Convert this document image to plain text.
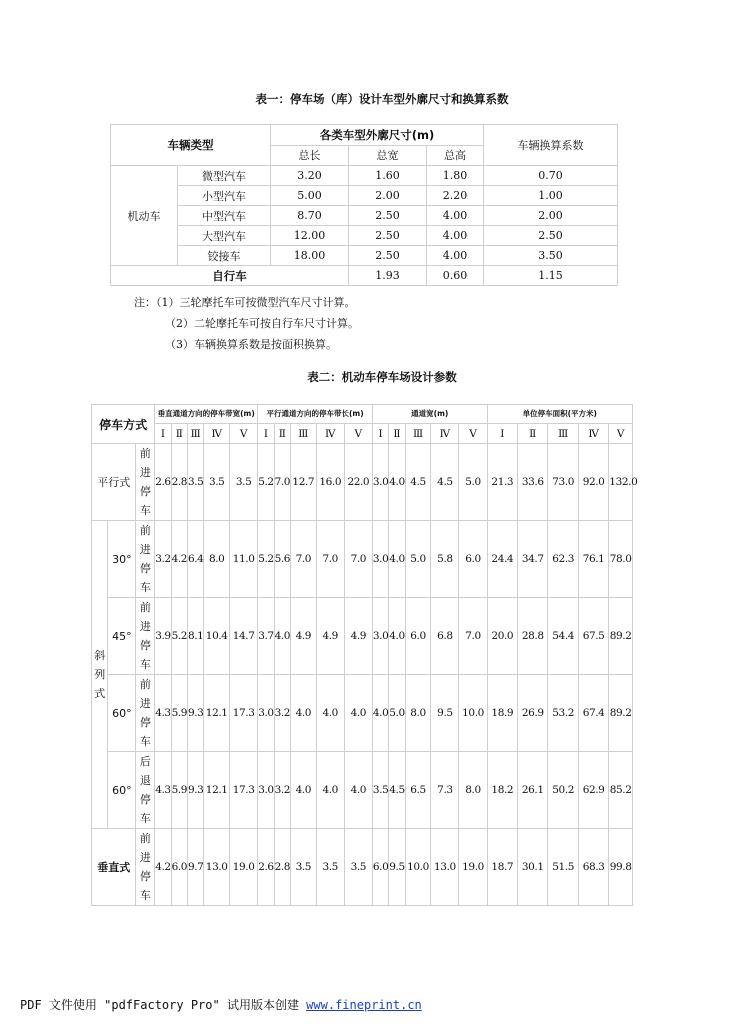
表一：停车场（库）设计车型外廓尺寸和换算系数
车辆类型		各类车型外廓尺寸(m)			车辆换算系数
		总长	总宽	总高	
机动车	微型汽车	3.20	1.60	1.80	0.70
	小型汽车	5.00	2.00	2.20	1.00
	中型汽车	8.70	2.50	4.00	2.00
	大型汽车	12.00	2.50	4.00	2.50
	铰接车	18.00	2.50	4.00	3.50
自行车			1.93	0.60	1.15
注：（1）三轮摩托车可按微型汽车尺寸计算。
（2）二轮摩托车可按自行车尺寸计算。
（3）车辆换算系数是按面积换算。
表二：机动车停车场设计参数
停车方式			垂直通道方向的停车带宽(m)					平行通道方向的停车带长(m)					通道宽(m)					单位停车面积(平方米)				
			Ⅰ	Ⅱ	Ⅲ	Ⅳ	Ⅴ	Ⅰ	Ⅱ	Ⅲ	Ⅳ	Ⅴ	Ⅰ	Ⅱ	Ⅲ	Ⅳ	Ⅴ	Ⅰ	Ⅱ	Ⅲ	Ⅳ	Ⅴ
平行式		前进停车	2.6	2.8	3.5	3.5	3.5	5.2	7.0	12.7	16.0	22.0	3.0	4.0	4.5	4.5	5.0	21.3	33.6	73.0	92.0	132.0
斜列式	30°	前进停车	3.2	4.2	6.4	8.0	11.0	5.2	5.6	7.0	7.0	7.0	3.0	4.0	5.0	5.8	6.0	24.4	34.7	62.3	76.1	78.0
	45°	前进停车	3.9	5.2	8.1	10.4	14.7	3.7	4.0	4.9	4.9	4.9	3.0	4.0	6.0	6.8	7.0	20.0	28.8	54.4	67.5	89.2
	60°	前进停车	4.3	5.9	9.3	12.1	17.3	3.0	3.2	4.0	4.0	4.0	4.0	5.0	8.0	9.5	10.0	18.9	26.9	53.2	67.4	89.2
	60°	后退停车	4.3	5.9	9.3	12.1	17.3	3.0	3.2	4.0	4.0	4.0	3.5	4.5	6.5	7.3	8.0	18.2	26.1	50.2	62.9	85.2
垂直式		前进停车	4.2	6.0	9.7	13.0	19.0	2.6	2.8	3.5	3.5	3.5	6.0	9.5	10.0	13.0	19.0	18.7	30.1	51.5	68.3	99.8
PDF 文件使用 "pdfFactory Pro" 试用版本创建 www.fineprint.cn
